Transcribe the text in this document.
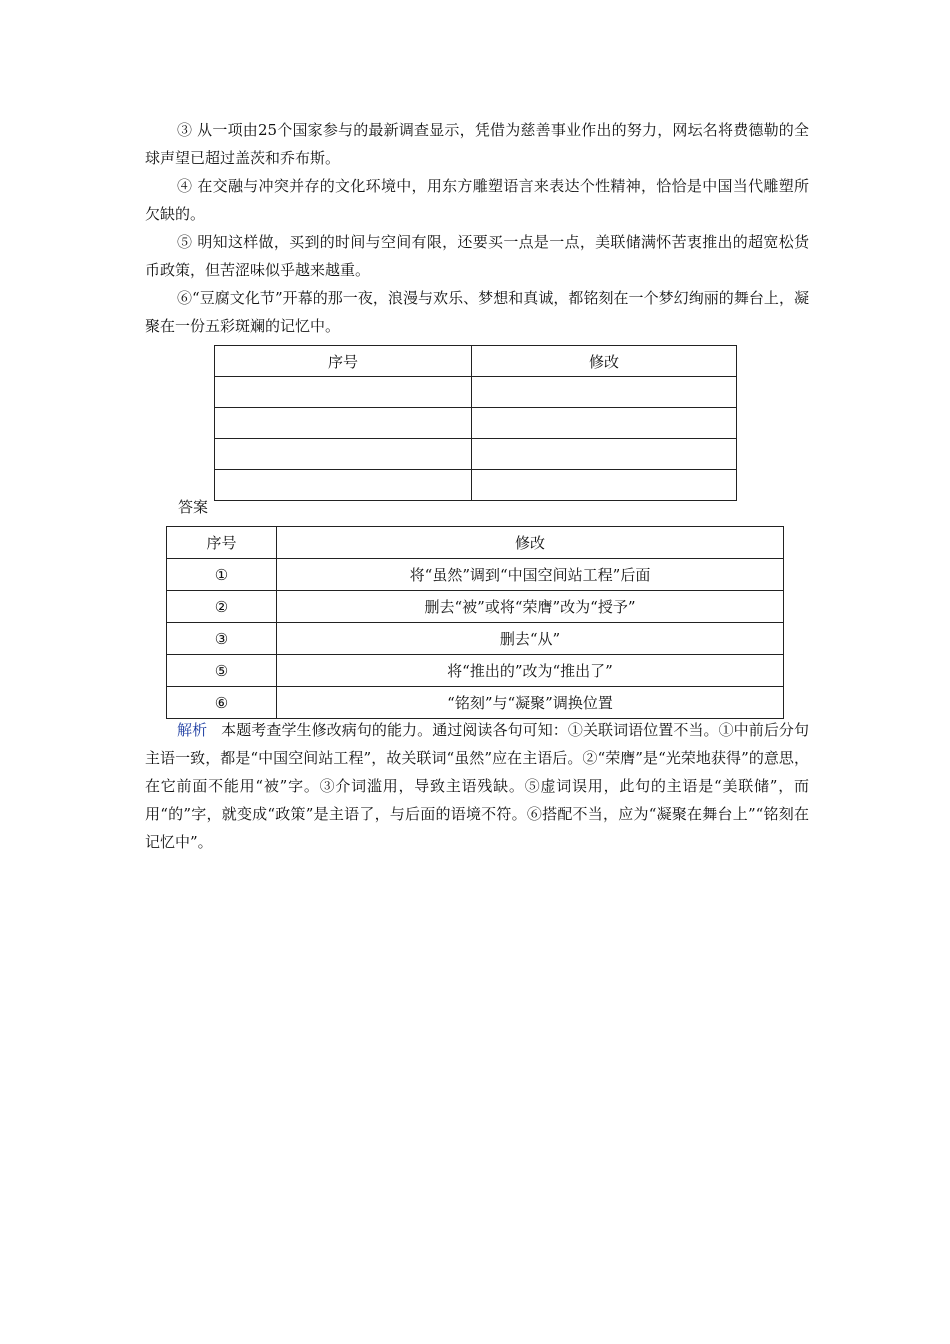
③ 从一项由25个国家参与的最新调查显示，凭借为慈善事业作出的努力，网坛名将费德勒的全球声望已超过盖茨和乔布斯。

④ 在交融与冲突并存的文化环境中，用东方雕塑语言来表达个性精神，恰恰是中国当代雕塑所欠缺的。

⑤ 明知这样做，买到的时间与空间有限，还要买一点是一点，美联储满怀苦衷推出的超宽松货币政策，但苦涩味似乎越来越重。

⑥“豆腐文化节”开幕的那一夜，浪漫与欢乐、梦想和真诚，都铭刻在一个梦幻绚丽的舞台上，凝聚在一份五彩斑斓的记忆中。

序号	修改

答案
序号	修改
①	将“虽然”调到“中国空间站工程”后面
②	删去“被”或将“荣膺”改为“授予”
③	删去“从”
⑤	将“推出的”改为“推出了”
⑥	“铭刻”与“凝聚”调换位置

解析 本题考查学生修改病句的能力。通过阅读各句可知：①关联词语位置不当。①中前后分句主语一致，都是“中国空间站工程”，故关联词“虽然”应在主语后。②“荣膺”是“光荣地获得”的意思，在它前面不能用“被”字。③介词滥用，导致主语残缺。⑤虚词误用，此句的主语是“美联储”，而用“的”字，就变成“政策”是主语了，与后面的语境不符。⑥搭配不当，应为“凝聚在舞台上”“铭刻在记忆中”。
